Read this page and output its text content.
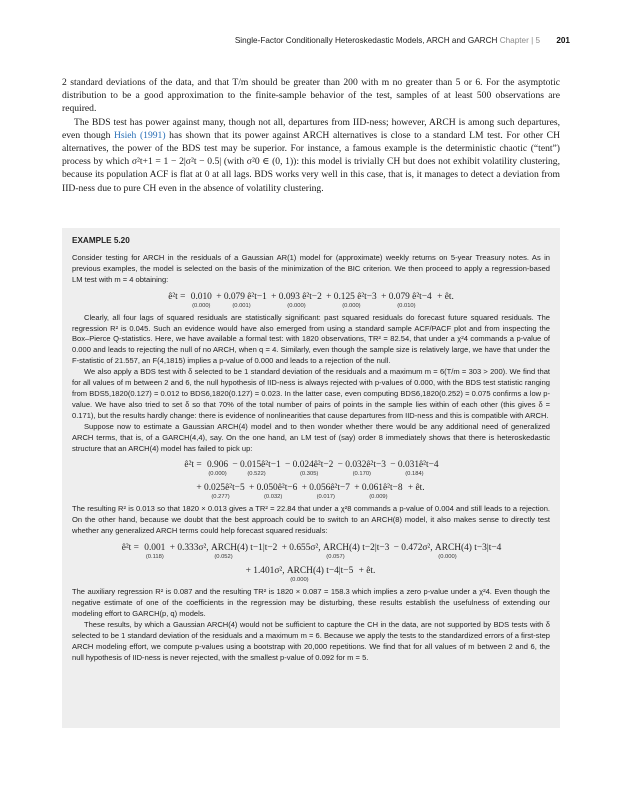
Single-Factor Conditionally Heteroskedastic Models, ARCH and GARCH Chapter | 5 201

2 standard deviations of the data, and that T/m should be greater than 200 with m no greater than 5 or 6. For the asymptotic distribution to be a good approximation to the finite-sample behavior of the test, samples of at least 500 observations are required.

The BDS test has power against many, though not all, departures from IID-ness; however, ARCH is among such departures, even though Hsieh (1991) has shown that its power against ARCH alternatives is close to a standard LM test. For other CH alternatives, the power of the BDS test may be superior. For instance, a famous example is the deterministic chaotic (“tent”) process by which σ²t+1 = 1 − 2|σ²t − 0.5| (with σ²0 ∈ (0, 1)): this model is trivially CH but does not exhibit volatility clustering, because its population ACF is flat at 0 at all lags. BDS works very well in this case, that is, it manages to detect a deviation from IID-ness due to pure CH even in the absence of volatility clustering.

EXAMPLE 5.20

Consider testing for ARCH in the residuals of a Gaussian AR(1) model for (approximate) weekly returns on 5-year Treasury notes. As in previous examples, the model is selected on the basis of the minimization of the BIC criterion. We then proceed to apply a regression-based LM test with m = 4 obtaining:

ê²t = 0.010
(0.000)
+ 0.079 ê²t−1
(0.001)
+ 0.093 ê²t−2
(0.000)
+ 0.125 ê²t−3
(0.000)
+ 0.079 ê²t−4
(0.010)
+ êt.

Clearly, all four lags of squared residuals are statistically significant: past squared residuals do forecast future squared residuals. The regression R² is 0.045. Such an evidence would have also emerged from using a standard sample ACF/PACF plot and from inspecting the Box–Pierce Q-statistics. Here, we have available a formal test: with 1820 observations, TR² = 82.54, that under a χ²4 commands a p-value of 0.000 and leads to rejecting the null of no ARCH, when q = 4. Similarly, even though the sample size is relatively large, we have that under the F-statistic of 21.557, an F(4,1815) implies a p-value of 0.000 and leads to a rejection of the null.

We also apply a BDS test with δ selected to be 1 standard deviation of the residuals and a maximum m = 6(T/m = 303 > 200). We find that for all values of m between 2 and 6, the null hypothesis of IID-ness is always rejected with p-values of 0.000, with the BDS test statistic ranging from BDS5,1820(0.127) = 0.012 to BDS6,1820(0.127) = 0.023. In the latter case, even computing BDS6,1820(0.252) = 0.075 confirms a low p-value. We have also tried to set δ so that 70% of the total number of pairs of points in the sample lies within of each other (this gives δ = 0.171), but the results hardly change: there is evidence of nonlinearities that cause departures from IID-ness and this is compatible with ARCH.

Suppose now to estimate a Gaussian ARCH(4) model and to then wonder whether there would be any additional need of generalized ARCH terms, that is, of a GARCH(4,4), say. On the one hand, an LM test of (say) order 8 immediately shows that there is heteroskedastic structure that an ARCH(4) model has failed to pick up:

ê²t = 0.906
(0.000)
− 0.015ê²t−1
(0.522)
− 0.024ê²t−2
(0.305)
− 0.032ê²t−3
(0.170)
− 0.031ê²t−4
(0.184)
+ 0.025ê²t−5
(0.277)
+ 0.050ê²t−6
(0.032)
+ 0.056ê²t−7
(0.017)
+ 0.061ê²t−8
(0.009)
+ êt.

The resulting R² is 0.013 so that 1820 × 0.013 gives a TR² = 22.84 that under a χ²8 commands a p-value of 0.004 and still leads to a rejection. On the other hand, because we doubt that the best approach could be to switch to an ARCH(8) model, it also makes sense to directly test whether any generalized ARCH terms could help forecast squared residuals:

ê²t = 0.001
(0.118)
+ 0.333σ², ARCH(4) t−1|t−2
(0.052)
+ 0.655σ², ARCH(4) t−2|t−3
(0.057)
− 0.472σ², ARCH(4) t−3|t−4
(0.000)
+ 1.401σ², ARCH(4) t−4|t−5
(0.000)
+ êt.

The auxiliary regression R² is 0.087 and the resulting TR² is 1820 × 0.087 = 158.3 which implies a zero p-value under a χ²4. Even though the negative estimate of one of the coefficients in the regression may be disturbing, these results establish the usefulness of extending our modeling effort to GARCH(p, q) models.

These results, by which a Gaussian ARCH(4) would not be sufficient to capture the CH in the data, are not supported by BDS tests with δ selected to be 1 standard deviation of the residuals and a maximum m = 6. Because we apply the tests to the standardized errors of a first-step ARCH modeling effort, we compute p-values using a bootstrap with 20,000 repetitions. We find that for all values of m between 2 and 6, the null hypothesis of IID-ness is never rejected, with the smallest p-value of 0.092 for m = 5.
